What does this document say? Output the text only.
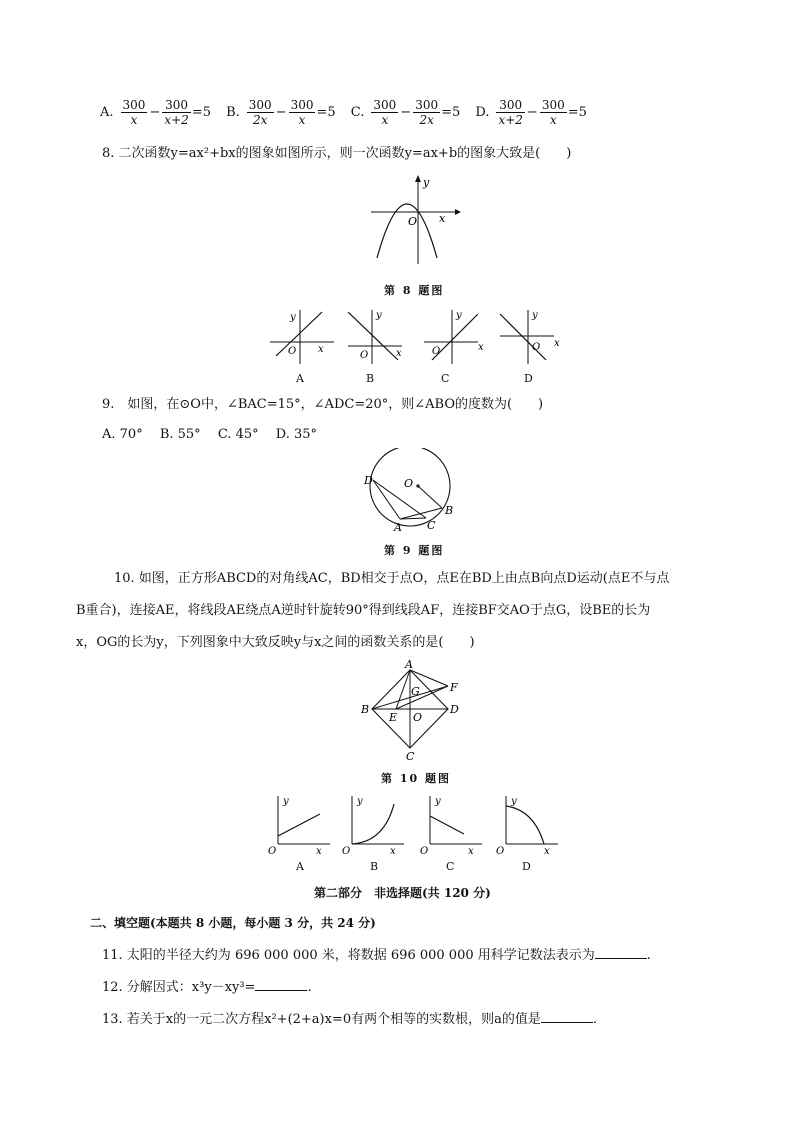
A. $\frac{300}{x} - \frac{300}{x+2} =5$
B. $\frac{300}{2x} - \frac{300}{x} =5$
C. $\frac{300}{x} - \frac{300}{2x} =5$
D. $\frac{300}{x+2} - \frac{300}{x} =5$
8. 二次函数y=ax²+bx的图象如图所示，则一次函数y=ax+b的图象大致是(　　)
y
x
O
第 8 题图
y
x
O
y
x
O
y
x
O
y
x
O
A	B	C	D
9.　如图，在⊙O中，∠BAC=15°，∠ADC=20°，则∠ABO的度数为(　　)
A. 70°　 B. 55°　 C. 45°　 D. 35°
D	O
A C
B
第 9 题图
10. 如图，正方形ABCD的对角线AC，BD相交于点O，点E在BD上由点B向点D运动(点E不与点
B重合)，连接AE，将线段AE绕点A逆时针旋转90°得到线段AF，连接BF交AO于点G，设BE的长为
x，OG的长为y，下列图象中大致反映y与x之间的函数关系的是(　　)
A
F
G
B
E O
D
C
第 10 题图
y
O	x
y
O	x
y
O	x
y
O	x
A	B	C	D
第二部分　非选择题(共 120 分)
二、填空题(本题共 8 小题，每小题 3 分，共 24 分)
11. 太阳的半径大约为 696 000 000 米，将数据 696 000 000 用科学记数法表示为	.
12. 分解因式：x³y－xy³=	.
13. 若关于x的一元二次方程x²+(2+a)x=0有两个相等的实数根，则a的值是	.
